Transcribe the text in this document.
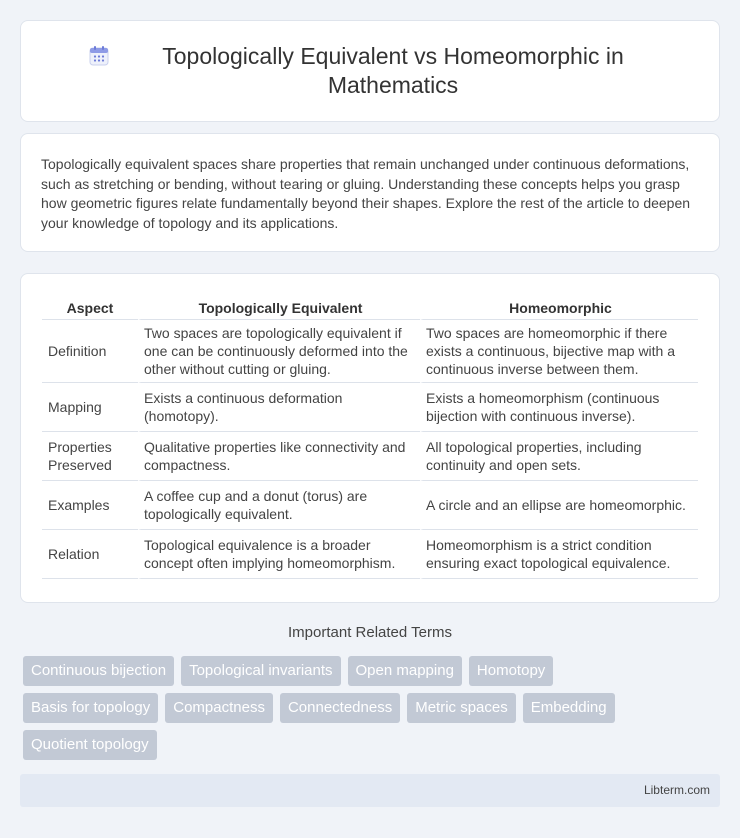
Topologically Equivalent vs Homeomorphic in Mathematics

Topologically equivalent spaces share properties that remain unchanged under continuous deformations, such as stretching or bending, without tearing or gluing. Understanding these concepts helps you grasp how geometric figures relate fundamentally beyond their shapes. Explore the rest of the article to deepen your knowledge of topology and its applications.

Aspect	Topologically Equivalent	Homeomorphic
Definition	Two spaces are topologically equivalent if one can be continuously deformed into the other without cutting or gluing.	Two spaces are homeomorphic if there exists a continuous, bijective map with a continuous inverse between them.
Mapping	Exists a continuous deformation (homotopy).	Exists a homeomorphism (continuous bijection with continuous inverse).
Properties Preserved	Qualitative properties like connectivity and compactness.	All topological properties, including continuity and open sets.
Examples	A coffee cup and a donut (torus) are topologically equivalent.	A circle and an ellipse are homeomorphic.
Relation	Topological equivalence is a broader concept often implying homeomorphism.	Homeomorphism is a strict condition ensuring exact topological equivalence.
Important Related Terms
Continuous bijection	Topological invariants	Open mapping	Homotopy
Basis for topology	Compactness	Connectedness	Metric spaces	Embedding
Quotient topology
Libterm.com
